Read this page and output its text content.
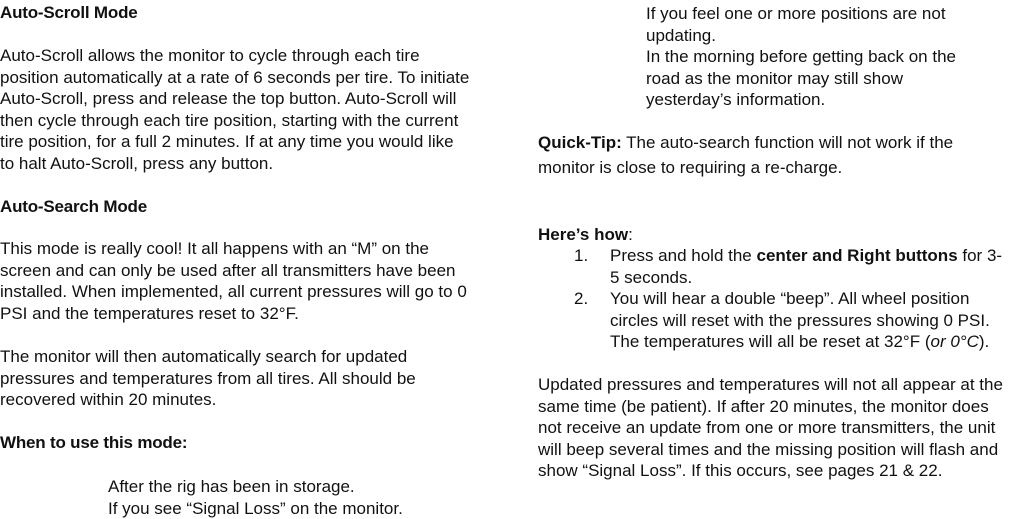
Auto-Scroll Mode

Auto-Scroll allows the monitor to cycle through each tire position automatically at a rate of 6 seconds per tire. To initiate Auto-Scroll, press and release the top button. Auto-Scroll will then cycle through each tire position, starting with the current tire position, for a full 2 minutes. If at any time you would like to halt Auto-Scroll, press any button.

Auto-Search Mode

This mode is really cool! It all happens with an “M” on the screen and can only be used after all transmitters have been installed. When implemented, all current pressures will go to 0 PSI and the temperatures reset to 32°F.

The monitor will then automatically search for updated pressures and temperatures from all tires. All should be recovered within 20 minutes.

When to use this mode:
After the rig has been in storage.
If you see “Signal Loss” on the monitor.
If you feel one or more positions are not updating.
In the morning before getting back on the road as the monitor may still show yesterday’s information.

Quick-Tip: The auto-search function will not work if the monitor is close to requiring a re-charge.

Here’s how:

1. Press and hold the center and Right buttons for 3- 5 seconds.
2. You will hear a double “beep”. All wheel position circles will reset with the pressures showing 0 PSI. The temperatures will all be reset at 32°F (or 0°C).

Updated pressures and temperatures will not all appear at the same time (be patient). If after 20 minutes, the monitor does not receive an update from one or more transmitters, the unit will beep several times and the missing position will flash and show “Signal Loss”. If this occurs, see pages 21 & 22.
